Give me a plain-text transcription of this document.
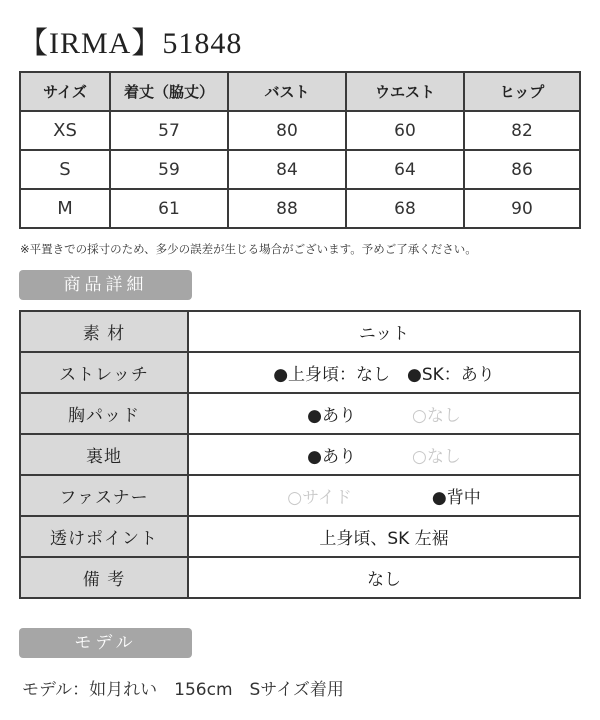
【IRMA】51848
サイズ	着丈（脇丈）	バスト	ウエスト	ヒップ
XS	57	80	60	82
S	59	84	64	86
M	61	88	68	90
※平置きでの採寸のため、多少の誤差が生じる場合がございます。予めご了承ください。
商品詳細
素 材	ニット
ストレッチ	●上身頃：なし　●SK：あり
胸パッド	●あり ○なし
裏地	●あり ○なし
ファスナー	○サイド ●背中
透けポイント	上身頃、SK 左裾
備 考	なし
モデル
モデル：如月れい　156cm　Sサイズ着用
